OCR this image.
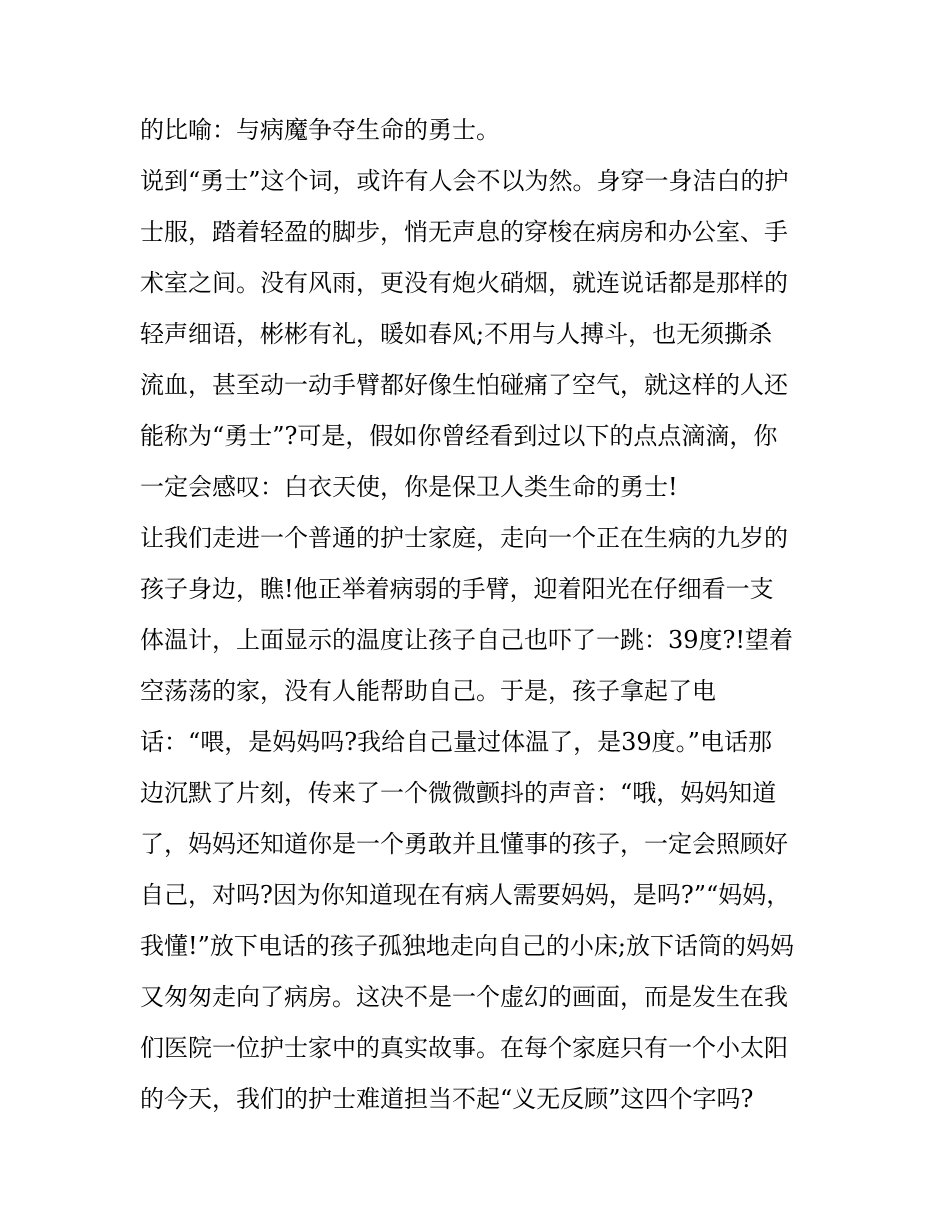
的比喻：与病魔争夺生命的勇士。
说到“勇士”这个词，或许有人会不以为然。身穿一身洁白的护
士服，踏着轻盈的脚步，悄无声息的穿梭在病房和办公室、手
术室之间。没有风雨，更没有炮火硝烟，就连说话都是那样的
轻声细语，彬彬有礼，暖如春风;不用与人搏斗，也无须撕杀
流血，甚至动一动手臂都好像生怕碰痛了空气，就这样的人还
能称为“勇士”?可是，假如你曾经看到过以下的点点滴滴，你
一定会感叹：白衣天使，你是保卫人类生命的勇士!
让我们走进一个普通的护士家庭，走向一个正在生病的九岁的
孩子身边，瞧!他正举着病弱的手臂，迎着阳光在仔细看一支
体温计，上面显示的温度让孩子自己也吓了一跳：39度?!望着
空荡荡的家，没有人能帮助自己。于是，孩子拿起了电
话：“喂，是妈妈吗?我给自己量过体温了，是39度。”电话那
边沉默了片刻，传来了一个微微颤抖的声音：“哦，妈妈知道
了，妈妈还知道你是一个勇敢并且懂事的孩子，一定会照顾好
自己，对吗?因为你知道现在有病人需要妈妈，是吗?”“妈妈，
我懂!”放下电话的孩子孤独地走向自己的小床;放下话筒的妈妈
又匆匆走向了病房。这决不是一个虚幻的画面，而是发生在我
们医院一位护士家中的真实故事。在每个家庭只有一个小太阳
的今天，我们的护士难道担当不起“义无反顾”这四个字吗?
